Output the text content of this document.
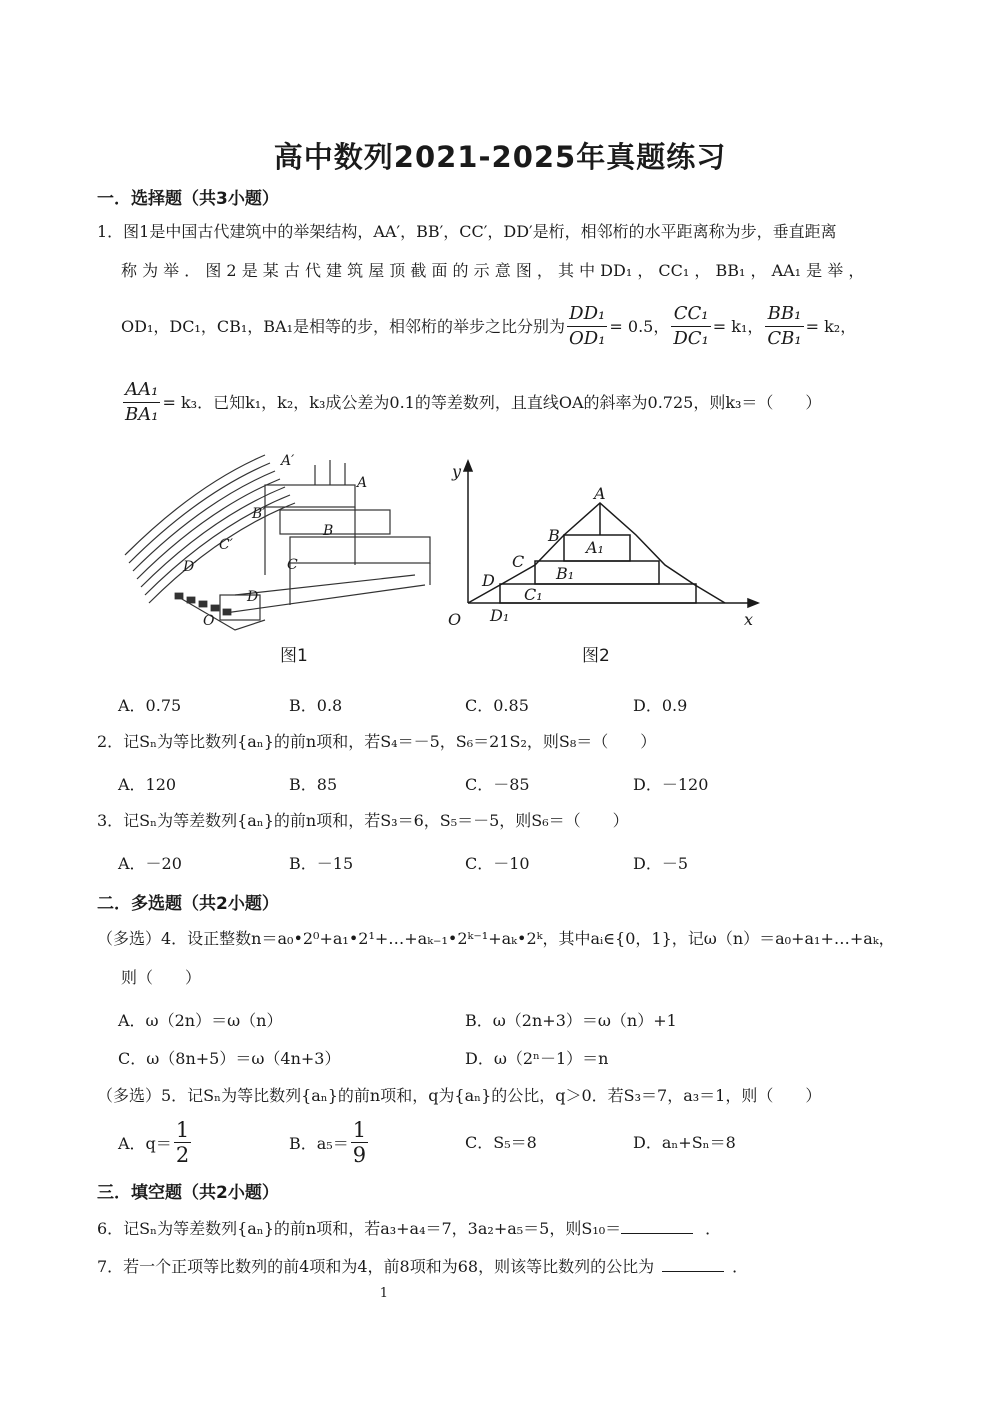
高中数列2021-2025年真题练习
一．选择题（共3小题）
1．图1是中国古代建筑中的举架结构，AA′，BB′，CC′，DD′是桁，相邻桁的水平距离称为步，垂直距离
称 为 举 ． 图 2 是 某 古 代 建 筑 屋 顶 截 面 的 示 意 图 ， 其 中 DD₁ ， CC₁ ， BB₁ ， AA₁ 是 举 ，
OD₁，DC₁，CB₁，BA₁是相等的步，相邻桁的举步之比分别为 $\frac{\text{DD₁}}{\text{OD₁}} = 0.5$， $\frac{\text{CC₁}}{\text{DC₁}} = k_1$， $\frac{\text{BB₁}}{\text{CB₁}} = k_2$，
$\frac{\text{AA₁}}{\text{BA₁}} = k_3$ ．已知k₁，k₂，k₃成公差为0.1的等差数列，且直线OA的斜率为0.725，则k₃＝（　　）
A′
A
B′
B
C′
C
D′
D
O
图1
y
x
O
A
B
C
D
A₁
B₁
C₁
D₁
图2
A．0.75	B．0.8	C．0.85	D．0.9
2．记Sₙ为等比数列{aₙ}的前n项和，若S₄＝－5，S₆＝21S₂，则S₈＝（　　）
A．120	B．85	C．－85	D．－120
3．记Sₙ为等差数列{aₙ}的前n项和，若S₃＝6，S₅＝－5，则S₆＝（　　）
A．－20	B．－15	C．－10	D．－5
二．多选题（共2小题）
（多选）4．设正整数n＝a₀•2⁰+a₁•2¹+…+aₖ₋₁•2ᵏ⁻¹+aₖ•2ᵏ，其中aᵢ∈{0，1}，记ω（n）＝a₀+a₁+…+aₖ，
则（　　）
A．ω（2n）＝ω（n）	B．ω（2n+3）＝ω（n）+1
C．ω（8n+5）＝ω（4n+3）	D．ω（2ⁿ－1）＝n
（多选）5．记Sₙ为等比数列{aₙ}的前n项和，q为{aₙ}的公比，q＞0．若S₃＝7，a₃＝1，则（　　）
A．$q= \frac{1}{2}$	B．$a_5= \frac{1}{9}$	C．S₅＝8	D．aₙ+Sₙ＝8
三．填空题（共2小题）
6．记Sₙ为等差数列{aₙ}的前n项和，若a₃+a₄＝7，3a₂+a₅＝5，则S₁₀＝	．
7．若一个正项等比数列的前4项和为4，前8项和为68，则该等比数列的公比为	．
1
